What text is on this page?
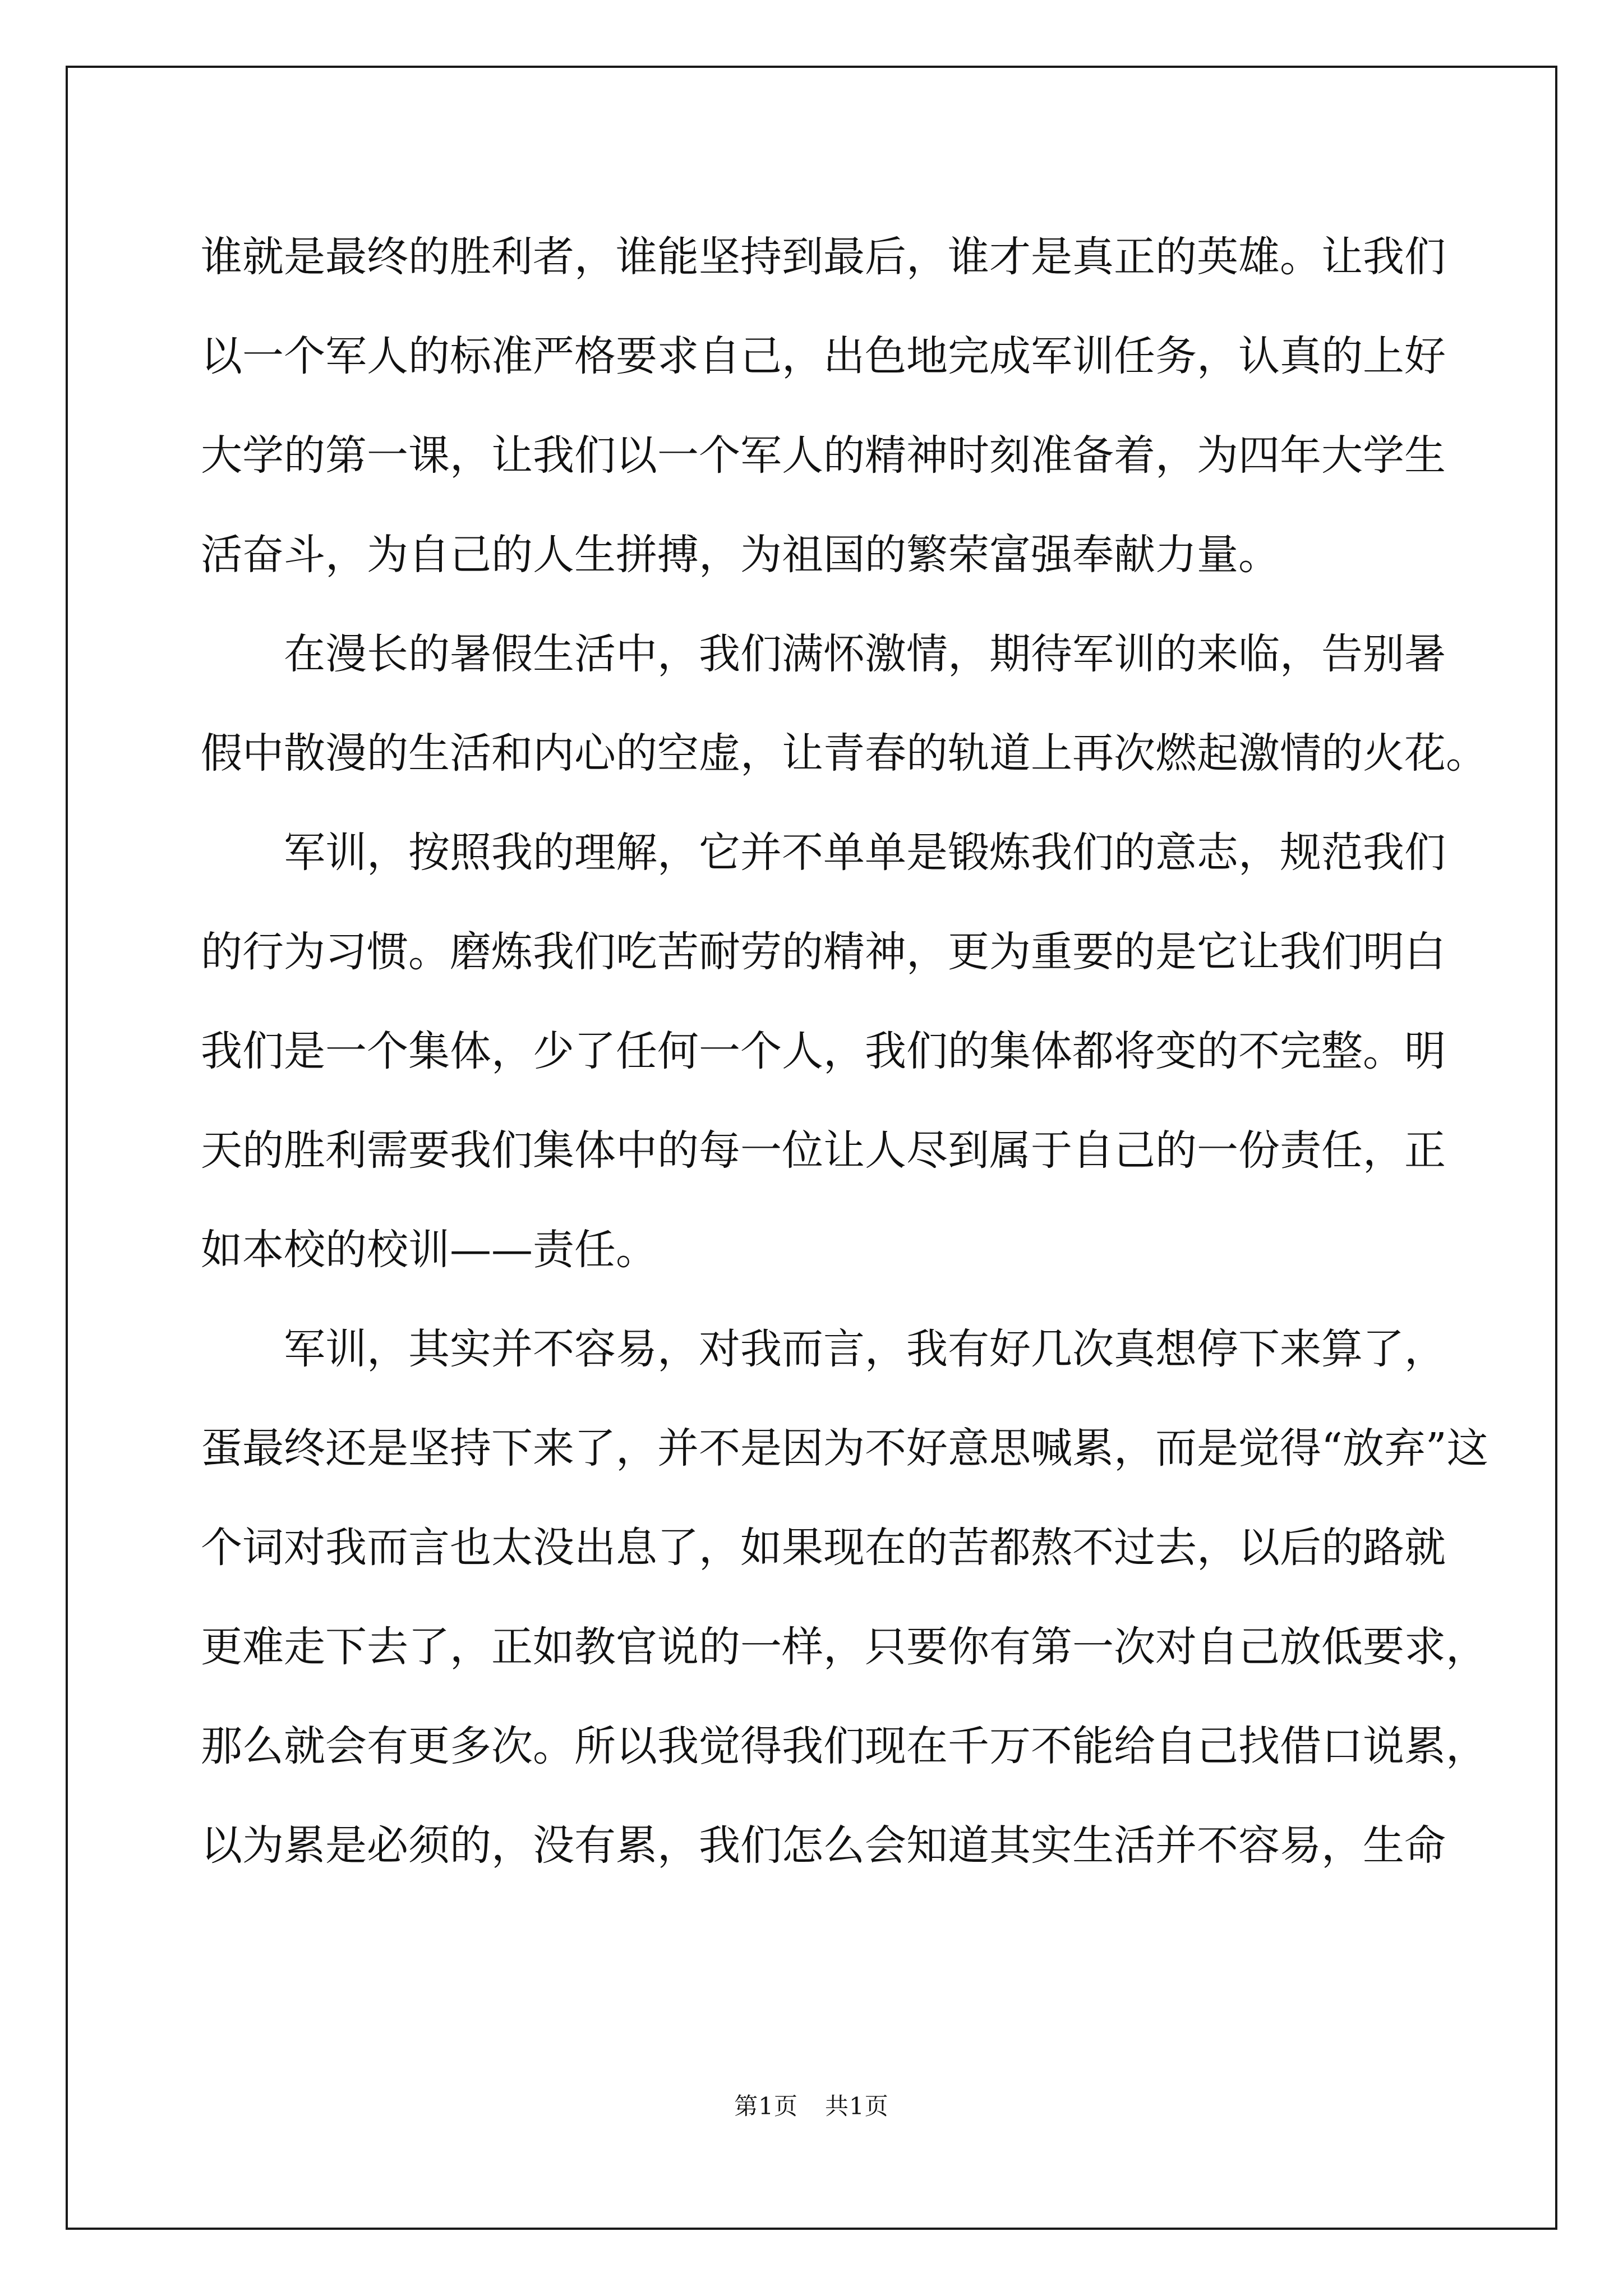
谁就是最终的胜利者，谁能坚持到最后，谁才是真正的英雄。让我们
以一个军人的标准严格要求自己，出色地完成军训任务，认真的上好
大学的第一课，让我们以一个军人的精神时刻准备着，为四年大学生
活奋斗，为自己的人生拼搏，为祖国的繁荣富强奉献力量。
在漫长的暑假生活中，我们满怀激情，期待军训的来临，告别暑
假中散漫的生活和内心的空虚，让青春的轨道上再次燃起激情的火花。
军训，按照我的理解，它并不单单是锻炼我们的意志，规范我们
的行为习惯。磨炼我们吃苦耐劳的精神，更为重要的是它让我们明白
我们是一个集体，少了任何一个人，我们的集体都将变的不完整。明
天的胜利需要我们集体中的每一位让人尽到属于自己的一份责任，正
如本校的校训——责任。
军训，其实并不容易，对我而言，我有好几次真想停下来算了，
蛋最终还是坚持下来了，并不是因为不好意思喊累，而是觉得“放弃”这
个词对我而言也太没出息了，如果现在的苦都熬不过去，以后的路就
更难走下去了，正如教官说的一样，只要你有第一次对自己放低要求，
那么就会有更多次。所以我觉得我们现在千万不能给自己找借口说累，
以为累是必须的，没有累，我们怎么会知道其实生活并不容易，生命
第1页 共1页
